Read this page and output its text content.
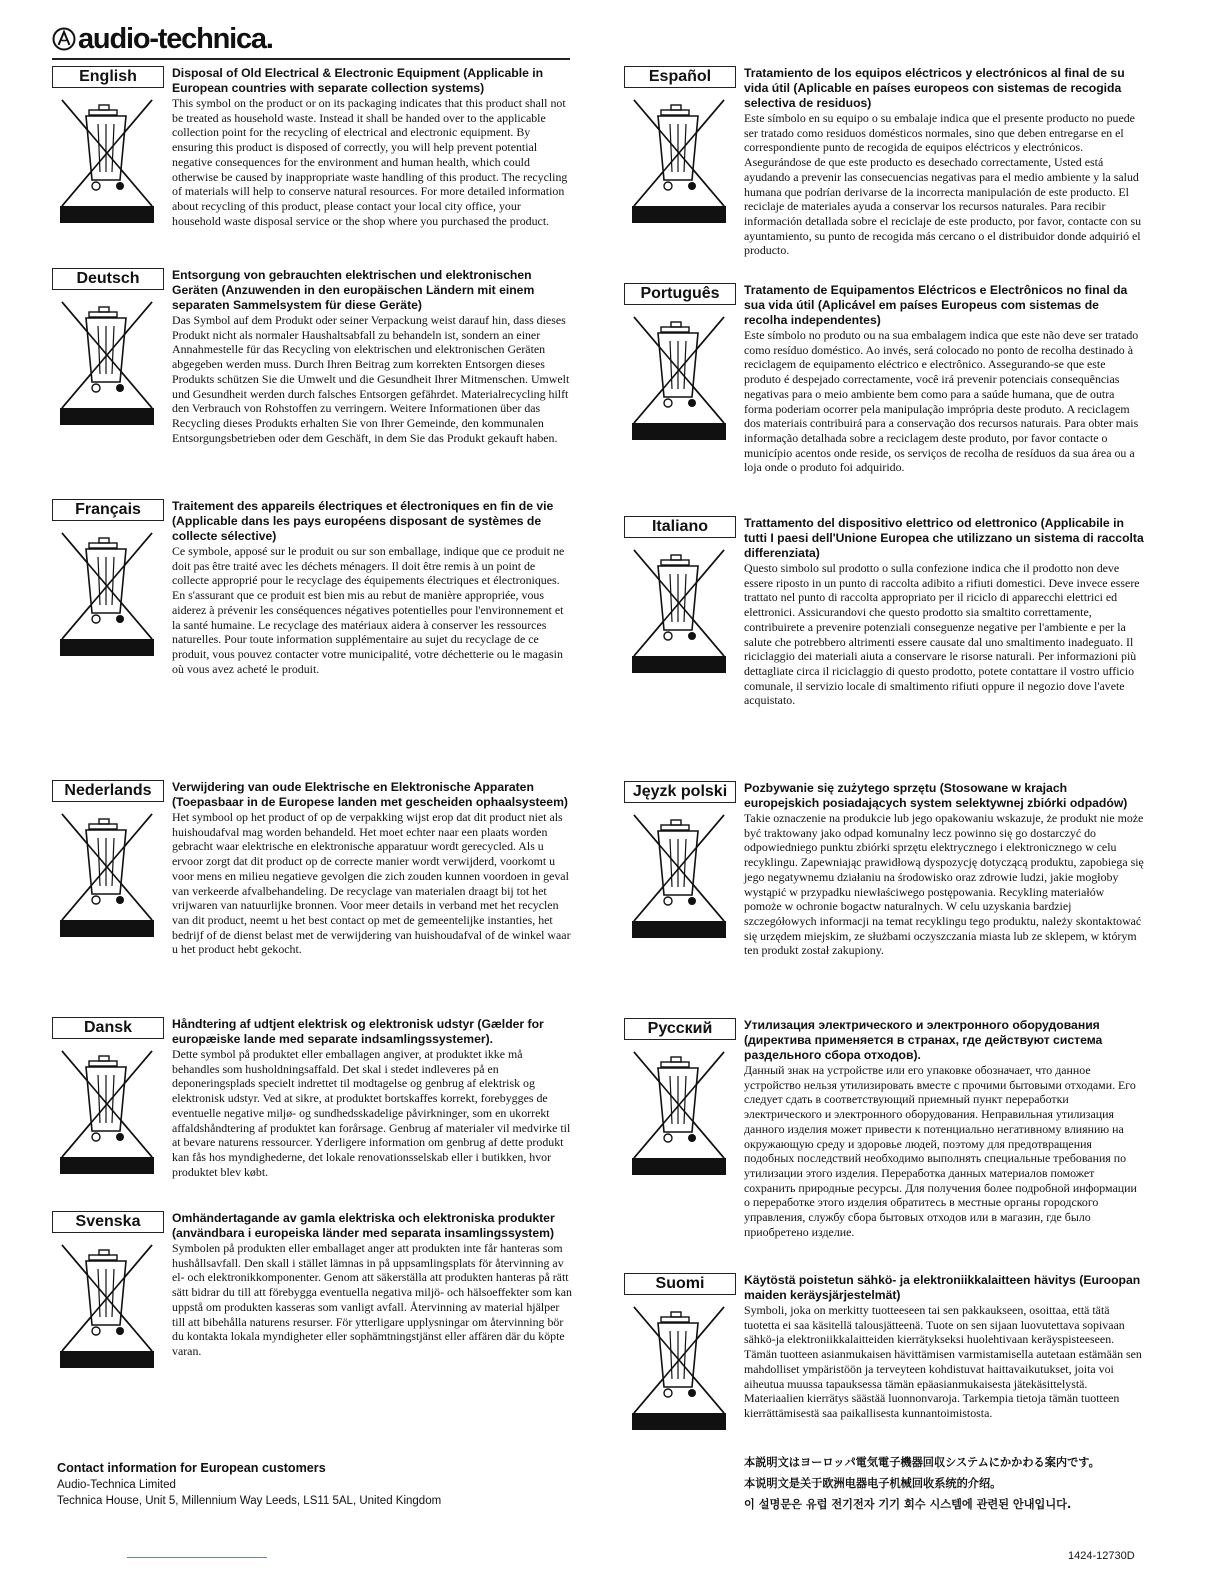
audio-technica .
English	Disposal of Old Electrical & Electronic Equipment (Applicable in European countries with separate collection systems)

This symbol on the product or on its packaging indicates that this product shall not be treated as household waste. Instead it shall be handed over to the applicable collection point for the recycling of electrical and electronic equipment. By ensuring this product is disposed of correctly, you will help prevent potential negative consequences for the environment and human health, which could otherwise be caused by inappropriate waste handling of this product. The recycling of materials will help to conserve natural resources. For more detailed information about recycling of this product, please contact your local city office, your household waste disposal service or the shop where you purchased the product.

Deutsch	Entsorgung von gebrauchten elektrischen und elektronischen Geräten (Anzuwenden in den europäischen Ländern mit einem separaten Sammelsystem für diese Geräte)

Das Symbol auf dem Produkt oder seiner Verpackung weist darauf hin, dass dieses Produkt nicht als normaler Haushaltsabfall zu behandeln ist, sondern an einer Annahmestelle für das Recycling von elektrischen und elektronischen Geräten abgegeben werden muss. Durch Ihren Beitrag zum korrekten Entsorgen dieses Produkts schützen Sie die Umwelt und die Gesundheit Ihrer Mitmenschen. Umwelt und Gesundheit werden durch falsches Entsorgen gefährdet. Materialrecycling hilft den Verbrauch von Rohstoffen zu verringern. Weitere Informationen über das Recycling dieses Produkts erhalten Sie von Ihrer Gemeinde, den kommunalen Entsorgungsbetrieben oder dem Geschäft, in dem Sie das Produkt gekauft haben.

Français	Traitement des appareils électriques et électroniques en fin de vie (Applicable dans les pays européens disposant de systèmes de collecte sélective)

Ce symbole, apposé sur le produit ou sur son emballage, indique que ce produit ne doit pas être traité avec les déchets ménagers. Il doit être remis à un point de collecte approprié pour le recyclage des équipements électriques et électroniques. En s'assurant que ce produit est bien mis au rebut de manière appropriée, vous aiderez à prévenir les conséquences négatives potentielles pour l'environnement et la santé humaine. Le recyclage des matériaux aidera à conserver les ressources naturelles. Pour toute information supplémentaire au sujet du recyclage de ce produit, vous pouvez contacter votre municipalité, votre déchetterie ou le magasin où vous avez acheté le produit.

Nederlands	Verwijdering van oude Elektrische en Elektronische Apparaten (Toepasbaar in de Europese landen met gescheiden ophaalsysteem)

Het symbool op het product of op de verpakking wijst erop dat dit product niet als huishoudafval mag worden behandeld. Het moet echter naar een plaats worden gebracht waar elektrische en elektronische apparatuur wordt gerecycled. Als u ervoor zorgt dat dit product op de correcte manier wordt verwijderd, voorkomt u voor mens en milieu negatieve gevolgen die zich zouden kunnen voordoen in geval van verkeerde afvalbehandeling. De recyclage van materialen draagt bij tot het vrijwaren van natuurlijke bronnen. Voor meer details in verband met het recyclen van dit product, neemt u het best contact op met de gemeentelijke instanties, het bedrijf of de dienst belast met de verwijdering van huishoudafval of de winkel waar u het product hebt gekocht.

Dansk	Håndtering af udtjent elektrisk og elektronisk udstyr (Gælder for europæiske lande med separate indsamlingssystemer).

Dette symbol på produktet eller emballagen angiver, at produktet ikke må behandles som husholdningsaffald. Det skal i stedet indleveres på en deponeringsplads specielt indrettet til modtagelse og genbrug af elektrisk og elektronisk udstyr. Ved at sikre, at produktet bortskaffes korrekt, forebygges de eventuelle negative miljø- og sundhedsskadelige påvirkninger, som en ukorrekt affaldshåndtering af produktet kan forårsage. Genbrug af materialer vil medvirke til at bevare naturens ressourcer. Yderligere information om genbrug af dette produkt kan fås hos myndighederne, det lokale renovationsselskab eller i butikken, hvor produktet blev købt.

Svenska	Omhändertagande av gamla elektriska och elektroniska produkter (användbara i europeiska länder med separata insamlingssystem)

Symbolen på produkten eller emballaget anger att produkten inte får hanteras som hushållsavfall. Den skall i stället lämnas in på uppsamlingsplats för återvinning av el- och elektronikkomponenter. Genom att säkerställa att produkten hanteras på rätt sätt bidrar du till att förebygga eventuella negativa miljö- och hälsoeffekter som kan uppstå om produkten kasseras som vanligt avfall. Återvinning av material hjälper till att bibehålla naturens resurser. För ytterligare upplysningar om återvinning bör du kontakta lokala myndigheter eller sophämtningstjänst eller affären där du köpte varan.

Español	Tratamiento de los equipos eléctricos y electrónicos al final de su vida útil (Aplicable en países europeos con sistemas de recogida selectiva de residuos)

Este símbolo en su equipo o su embalaje indica que el presente producto no puede ser tratado como residuos domésticos normales, sino que deben entregarse en el correspondiente punto de recogida de equipos eléctricos y electrónicos. Asegurándose de que este producto es desechado correctamente, Usted está ayudando a prevenir las consecuencias negativas para el medio ambiente y la salud humana que podrían derivarse de la incorrecta manipulación de este producto. El reciclaje de materiales ayuda a conservar los recursos naturales. Para recibir información detallada sobre el reciclaje de este producto, por favor, contacte con su ayuntamiento, su punto de recogida más cercano o el distribuidor donde adquirió el producto.

Português	Tratamento de Equipamentos Eléctricos e Electrônicos no final da sua vida útil (Aplicável em países Europeus com sistemas de recolha independentes)

Este símbolo no produto ou na sua embalagem indica que este não deve ser tratado como resíduo doméstico. Ao invés, será colocado no ponto de recolha destinado à reciclagem de equipamento eléctrico e electrônico. Assegurando-se que este produto é despejado correctamente, você irá prevenir potenciais consequências negativas para o meio ambiente bem como para a saúde humana, que de outra forma poderiam ocorrer pela manipulação imprópria deste produto. A reciclagem dos materiais contribuirá para a conservação dos recursos naturais. Para obter mais informação detalhada sobre a reciclagem deste produto, por favor contacte o município acentos onde reside, os serviços de recolha de resíduos da sua área ou a loja onde o produto foi adquirido.

Italiano	Trattamento del dispositivo elettrico od elettronico (Applicabile in tutti I paesi dell'Unione Europea che utilizzano un sistema di raccolta differenziata)

Questo simbolo sul prodotto o sulla confezione indica che il prodotto non deve essere riposto in un punto di raccolta adibito a rifiuti domestici. Deve invece essere trattato nel punto di raccolta appropriato per il riciclo di apparecchi elettrici ed elettronici. Assicurandovi che questo prodotto sia smaltito correttamente, contribuirete a prevenire potenziali conseguenze negative per l'ambiente e per la salute che potrebbero altrimenti essere causate dal uno smaltimento inadeguato. Il riciclaggio dei materiali aiuta a conservare le risorse naturali. Per informazioni più dettagliate circa il riciclaggio di questo prodotto, potete contattare il vostro ufficio comunale, il servizio locale di smaltimento rifiuti oppure il negozio dove l'avete acquistato.

Jęyzk polski	Pozbywanie się zużytego sprzętu (Stosowane w krajach europejskich posiadających system selektywnej zbiórki odpadów)

Takie oznaczenie na produkcie lub jego opakowaniu wskazuje, że produkt nie może być traktowany jako odpad komunalny lecz powinno się go dostarczyć do odpowiedniego punktu zbiórki sprzętu elektrycznego i elektronicznego w celu recyklingu. Zapewniając prawidłową dyspozycję dotyczącą produktu, zapobiega się jego negatywnemu działaniu na środowisko oraz zdrowie ludzi, jakie mogłoby wystąpić w przypadku niewłaściwego postępowania. Recykling materiałów pomoże w ochronie bogactw naturalnych. W celu uzyskania bardziej szczegółowych informacji na temat recyklingu tego produktu, należy skontaktować się urzędem miejskim, ze służbami oczyszczania miasta lub ze sklepem, w którym ten produkt został zakupiony.

Русский	Утилизация электрического и электронного оборудования (директива применяется в странах, где действуют система раздельного сбора отходов).

Данный знак на устройстве или его упаковке обозначает, что данное устройство нельзя утилизировать вместе с прочими бытовыми отходами. Его следует сдать в соответствующий приемный пункт переработки электрического и электронного оборудования. Неправильная утилизация данного изделия может привести к потенциально негативному влиянию на окружающую среду и здоровье людей, поэтому для предотвращения подобных последствий необходимо выполнять специальные требования по утилизации этого изделия. Переработка данных материалов поможет сохранить природные ресурсы. Для получения более подробной информации о переработке этого изделия обратитесь в местные органы городского управления, службу сбора бытовых отходов или в магазин, где было приобретено изделие.

Suomi	Käytöstä poistetun sähkö- ja elektroniikkalaitteen hävitys (Euroopan maiden keräysjärjestelmät)

Symboli, joka on merkitty tuotteeseen tai sen pakkaukseen, osoittaa, että tätä tuotetta ei saa käsitellä talousjätteenä. Tuote on sen sijaan luovutettava sopivaan sähkö-ja elektroniikkalaitteiden kierrätykseksi huolehtivaan keräyspisteeseen. Tämän tuotteen asianmukaisen hävittämisen varmistamisella autetaan estämään sen mahdolliset ympäristöön ja terveyteen kohdistuvat haittavaikutukset, joita voi aiheutua muussa tapauksessa tämän epäasianmukaisesta jätekäsittelystä. Materiaalien kierrätys säästää luonnonvaroja. Tarkempia tietoja tämän tuotteen kierrättämisestä saa paikallisesta kunnantoimistosta.

Contact information for European customers
Audio-Technica Limited
Technica House, Unit 5, Millennium Way Leeds, LS11 5AL, United Kingdom
本説明文はヨーロッパ電気電子機器回収システムにかかわる案内です。
本说明文是关于欧洲电器电子机械回收系统的介绍。
이 설명문은 유럽 전기전자 기기 회수 시스템에 관련된 안내입니다.
1424-12730D
